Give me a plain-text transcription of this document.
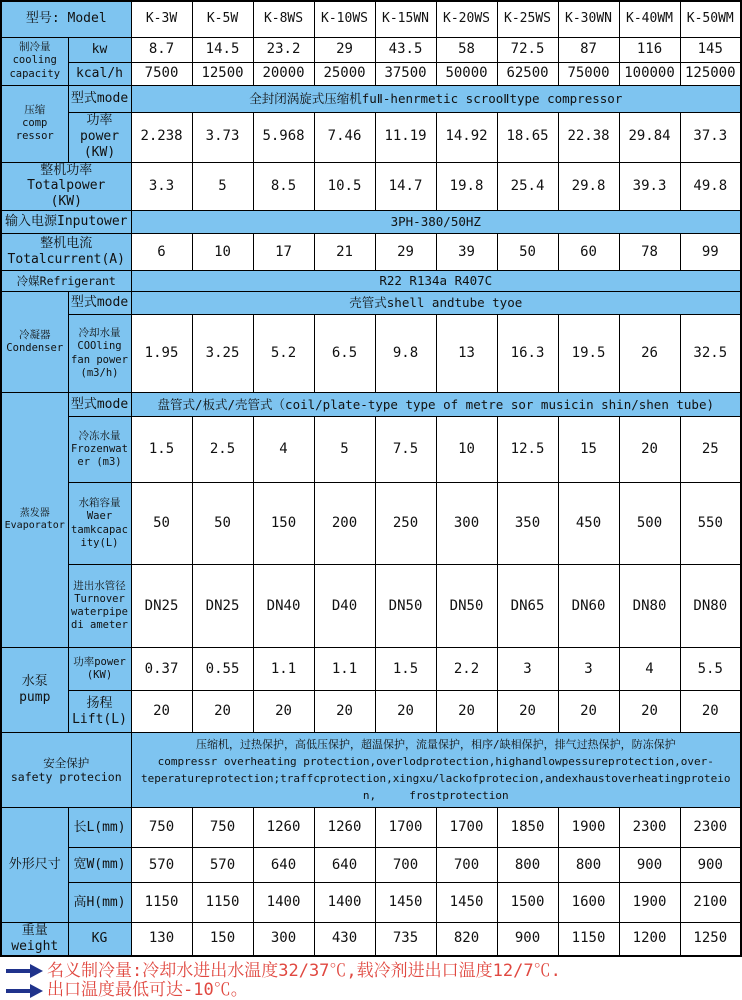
型号: Model		K-3W	K-5W	K-8WS	K-10WS	K-15WN	K-20WS	K-25WS	K-30WN	K-40WM	K-50WM
制冷量
cooling
capacity	kw	8.7	14.5	23.2	29	43.5	58	72.5	87	116	145
	kcal/h	7500	12500	20000	25000	37500	50000	62500	75000	100000	125000
压缩
comp
ressor	型式mode	全封闭涡旋式压缩机fuⅡ-henrmetic scrooⅡtype compressor									
	功率
power
(KW)	2.238	3.73	5.968	7.46	11.19	14.92	18.65	22.38	29.84	37.3
整机功率
Totalpower
(KW)		3.3	5	8.5	10.5	14.7	19.8	25.4	29.8	39.3	49.8
输入电源Inputower		3PH-380/50HZ									
整机电流
Totalcurrent(A)		6	10	17	21	29	39	50	60	78	99
冷媒Refrigerant		R22 R134a R407C									
冷凝器
Condenser	型式mode	壳管式shell andtube tyoe									
	冷却水量
COOling
fan power
(m3/h)	1.95	3.25	5.2	6.5	9.8	13	16.3	19.5	26	32.5
蒸发器
Evaporator	型式mode	盘管式/板式/壳管式（coil/plate-type type of metre sor musicin shin/shen tube)									
	冷冻水量
Frozenwat
er (m3)	1.5	2.5	4	5	7.5	10	12.5	15	20	25
	水箱容量
Waer
tamkcapac
ity(L)	50	50	150	200	250	300	350	450	500	550
	进出水管径
Turnover
waterpipe
di ameter	DN25	DN25	DN40	D40	DN50	DN50	DN65	DN60	DN80	DN80
水泵
pump	功率power
(KW)	0.37	0.55	1.1	1.1	1.5	2.2	3	3	4	5.5
	扬程
Lift(L)	20	20	20	20	20	20	20	20	20	20
安全保护
safety protecion		压缩机，过热保护，高低压保护，超温保护，流量保护，相序/缺相保护，排气过热保护，防冻保护
compressr overheating protection,overlodprotection,highandlowpessureprotection,over-
teperatureprotection;traffcprotection,xingxu/lackofprotecion,andexhaustoverheatingproteio
n,     frostprotection									
外形尺寸	长L(mm)	750	750	1260	1260	1700	1700	1850	1900	2300	2300
	宽W(mm)	570	570	640	640	700	700	800	800	900	900
	高H(mm)	1150	1150	1400	1400	1450	1450	1500	1600	1900	2100
重量
weight	KG	130	150	300	430	735	820	900	1150	1200	1250
名义制冷量:冷却水进出水温度32/37℃,载冷剂进出口温度12/7℃.
出口温度最低可达-10℃。
